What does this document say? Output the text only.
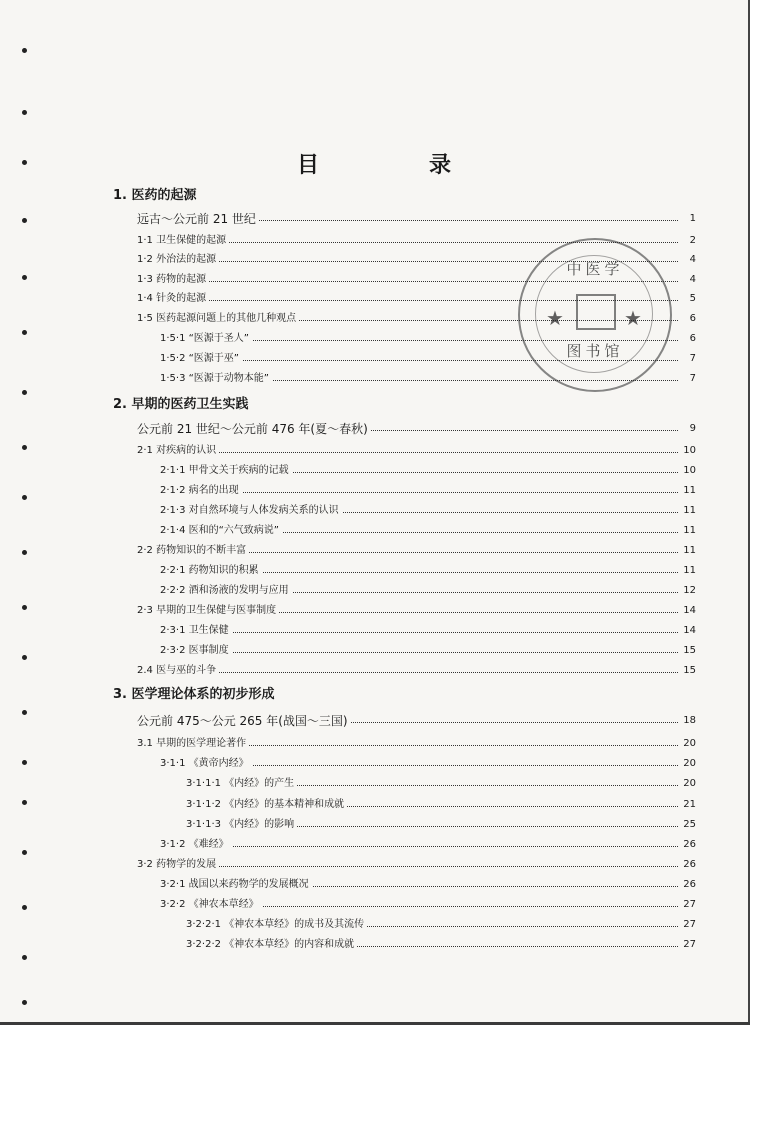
目　录
1. 医药的起源
1
远古～公元前 21 世纪
2
1·1 卫生保健的起源
4
1·2 外治法的起源
4
1·3 药物的起源
5
1·4 针灸的起源
6
1·5 医药起源问题上的其他几种观点
6
1·5·1 “医源于圣人”
7
1·5·2 “医源于巫”
7
1·5·3 “医源于动物本能”
2. 早期的医药卫生实践
9
公元前 21 世纪～公元前 476 年(夏～春秋)
10
2·1 对疾病的认识
10
2·1·1 甲骨文关于疾病的记载
11
2·1·2 病名的出现
11
2·1·3 对自然环境与人体发病关系的认识
11
2·1·4 医和的“六气致病说”
11
2·2 药物知识的不断丰富
11
2·2·1 药物知识的积累
12
2·2·2 酒和汤液的发明与应用
14
2·3 早期的卫生保健与医事制度
14
2·3·1 卫生保健
15
2·3·2 医事制度
15
2.4 医与巫的斗争
3. 医学理论体系的初步形成
18
公元前 475～公元 265 年(战国～三国)
20
3.1 早期的医学理论著作
20
3·1·1 《黄帝内经》
20
3·1·1·1 《内经》的产生
21
3·1·1·2 《内经》的基本精神和成就
25
3·1·1·3 《内经》的影响
26
3·1·2 《难经》
26
3·2 药物学的发展
26
3·2·1 战国以来药物学的发展概况
27
3·2·2 《神农本草经》
27
3·2·2·1 《神农本草经》的成书及其流传
27
3·2·2·2 《神农本草经》的内容和成就
中医学
★	★
图书馆
